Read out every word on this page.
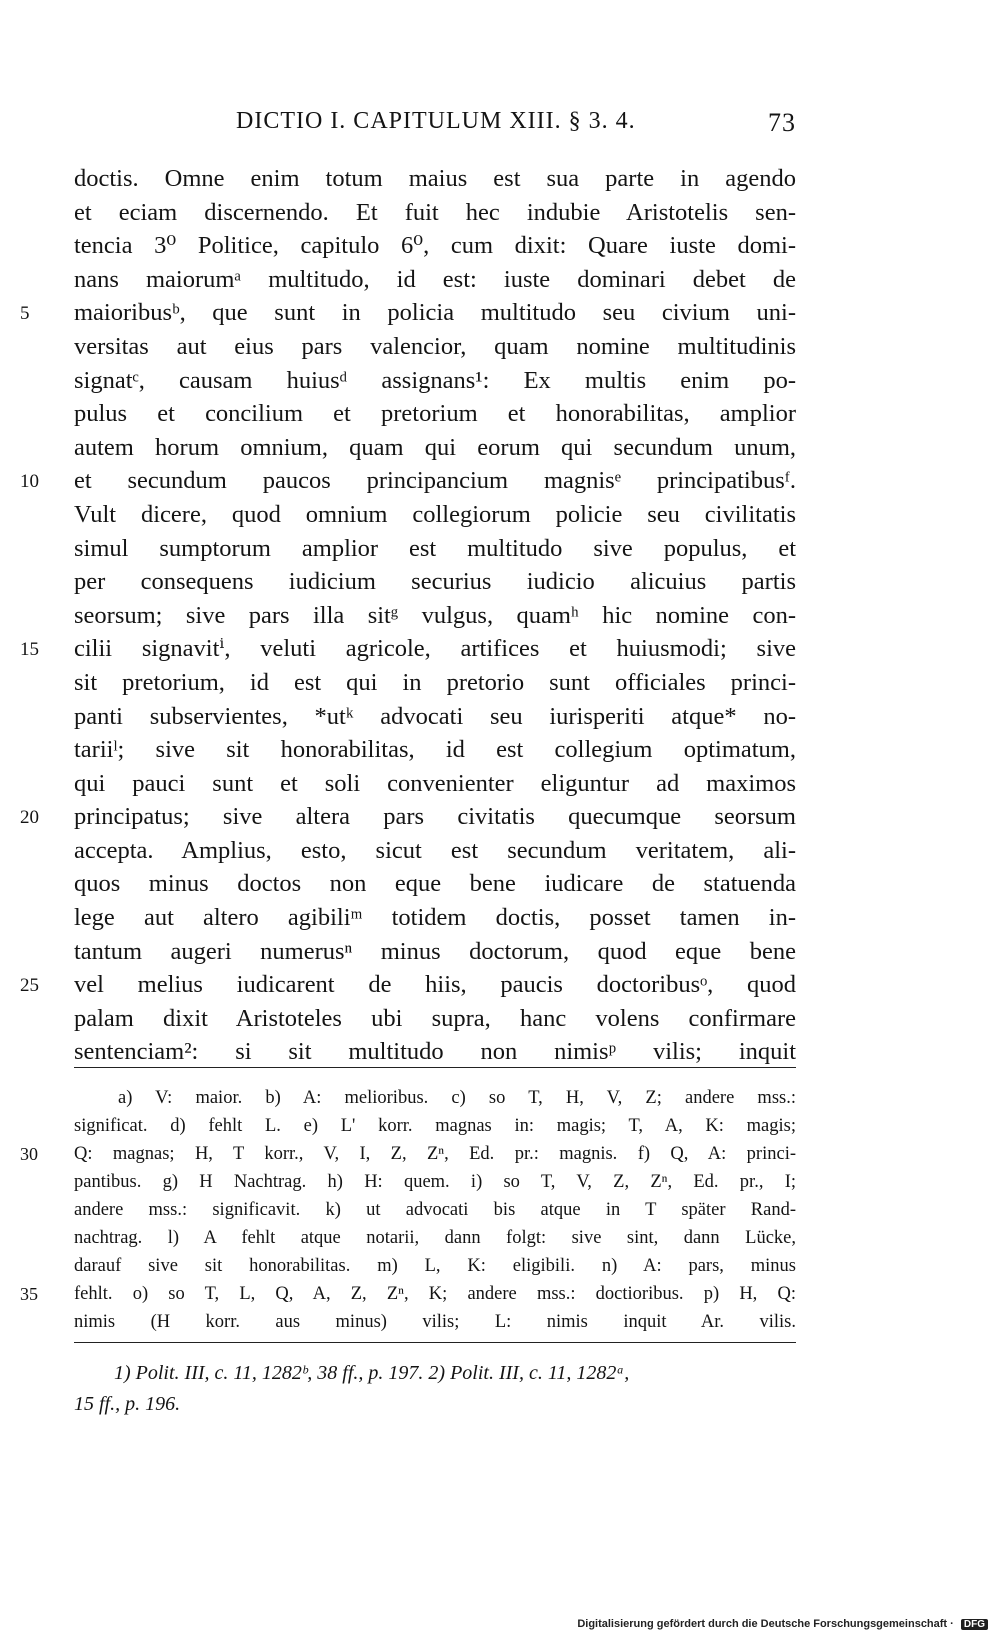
DICTIO I. CAPITULUM XIII. § 3. 4.	73
doctis. Omne enim totum maius est sua parte in agendo
et eciam discernendo. Et fuit hec indubie Aristotelis sen-
tencia 3⁰ Politice, capitulo 6⁰, cum dixit: Quare iuste domi-
nans maiorumᵃ multitudo, id est: iuste dominari debet de
5	maioribusᵇ, que sunt in policia multitudo seu civium uni-
versitas aut eius pars valencior, quam nomine multitudinis
signatᶜ, causam huiusᵈ assignans¹: Ex multis enim po-
pulus et concilium et pretorium et honorabilitas, amplior
autem horum omnium, quam qui eorum qui secundum unum,
10	et secundum paucos principancium magnisᵉ principatibusᶠ.
Vult dicere, quod omnium collegiorum policie seu civilitatis
simul sumptorum amplior est multitudo sive populus, et
per consequens iudicium securius iudicio alicuius partis
seorsum; sive pars illa sitᵍ vulgus, quamʰ hic nomine con-
15	cilii signavitⁱ, veluti agricole, artifices et huiusmodi; sive
sit pretorium, id est qui in pretorio sunt officiales princi-
panti subservientes, *utᵏ advocati seu iurisperiti atque* no-
tariiˡ; sive sit honorabilitas, id est collegium optimatum,
qui pauci sunt et soli convenienter eliguntur ad maximos
20	principatus; sive altera pars civitatis quecumque seorsum
accepta. Amplius, esto, sicut est secundum veritatem, ali-
quos minus doctos non eque bene iudicare de statuenda
lege aut altero agibiliᵐ totidem doctis, posset tamen in-
tantum augeri numerusⁿ minus doctorum, quod eque bene
25	vel melius iudicarent de hiis, paucis doctoribusᵒ, quod
palam dixit Aristoteles ubi supra, hanc volens confirmare
sentenciam²: si sit multitudo non nimisᵖ vilis; inquit
a) V: maior. b) A: melioribus. c) so T, H, V, Z; andere mss.:
significat. d) fehlt L. e) L' korr. magnas in: magis; T, A, K: magis;
30	Q: magnas; H, T korr., V, I, Z, Zⁿ, Ed. pr.: magnis. f) Q, A: princi-
pantibus. g) H Nachtrag. h) H: quem. i) so T, V, Z, Zⁿ, Ed. pr., I;
andere mss.: significavit. k) ut advocati bis atque in T später Rand-
nachtrag. l) A fehlt atque notarii, dann folgt: sive sint, dann Lücke,
darauf sive sit honorabilitas. m) L, K: eligibili. n) A: pars, minus
35	fehlt. o) so T, L, Q, A, Z, Zⁿ, K; andere mss.: doctioribus. p) H, Q:
nimis (H korr. aus minus) vilis; L: nimis inquit Ar. vilis.
1) Polit. III, c. 11, 1282ᵇ, 38 ff., p. 197. 2) Polit. III, c. 11, 1282ᵃ,
15 ff., p. 196.
Digitalisierung gefördert durch die Deutsche Forschungsgemeinschaft · DFG
